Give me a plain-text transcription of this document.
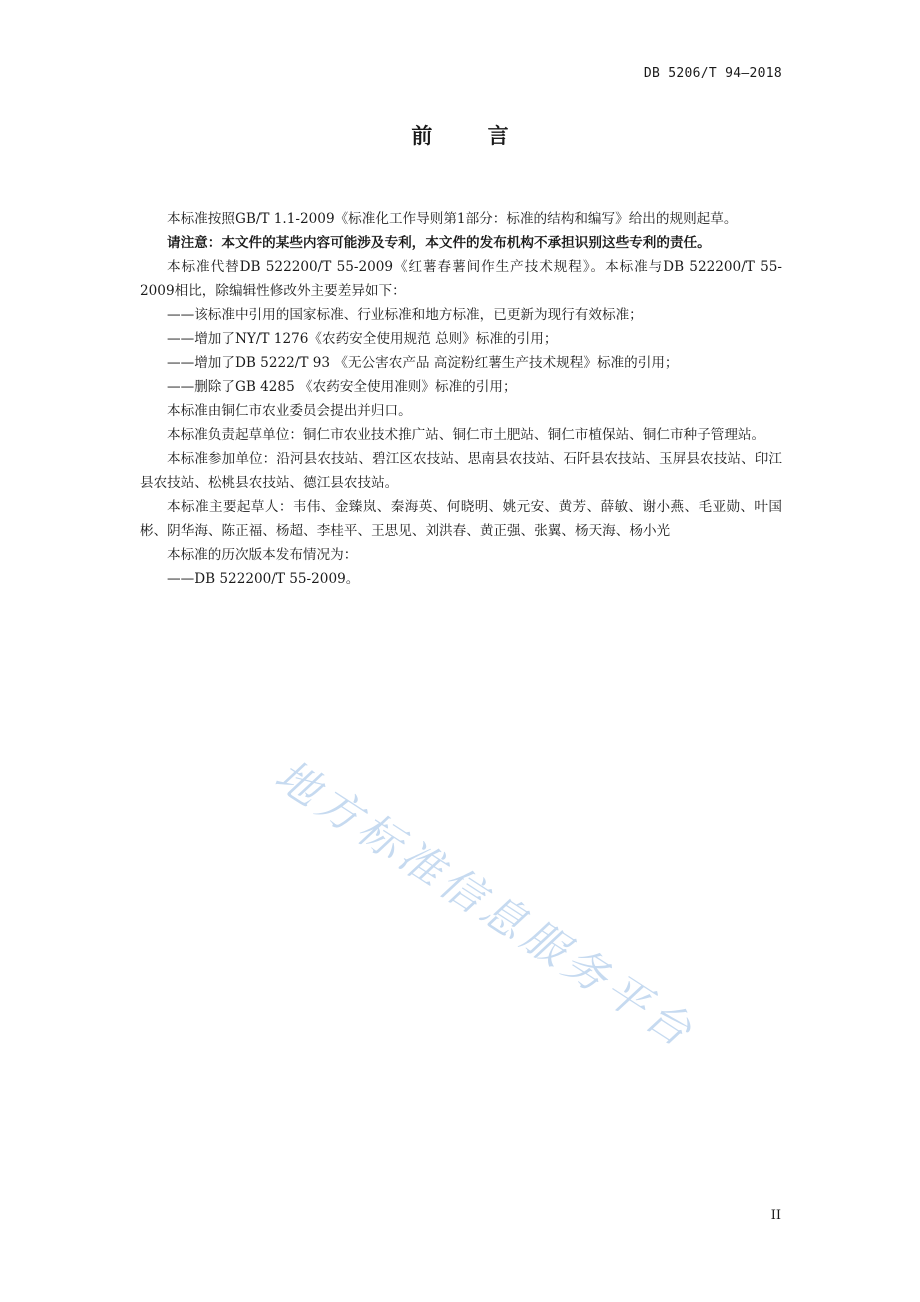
DB 5206/T 94—2018
前 言

本标准按照GB/T 1.1-2009《标准化工作导则第1部分：标准的结构和编写》给出的规则起草。

请注意：本文件的某些内容可能涉及专利，本文件的发布机构不承担识别这些专利的责任。

本标准代替DB 522200/T 55-2009《红薯春薯间作生产技术规程》。本标准与DB 522200/T 55-2009相比，除编辑性修改外主要差异如下：

——该标准中引用的国家标准、行业标准和地方标准，已更新为现行有效标准；

——增加了NY/T 1276《农药安全使用规范 总则》标准的引用；

——增加了DB 5222/T 93 《无公害农产品 高淀粉红薯生产技术规程》标准的引用；

——删除了GB 4285 《农药安全使用准则》标准的引用；

本标准由铜仁市农业委员会提出并归口。

本标准负责起草单位：铜仁市农业技术推广站、铜仁市土肥站、铜仁市植保站、铜仁市种子管理站。

本标准参加单位：沿河县农技站、碧江区农技站、思南县农技站、石阡县农技站、玉屏县农技站、印江县农技站、松桃县农技站、德江县农技站。

本标准主要起草人：韦伟、金臻岚、秦海英、何晓明、姚元安、黄芳、薛敏、谢小燕、毛亚勋、叶国彬、阴华海、陈正福、杨超、李桂平、王思见、刘洪春、黄正强、张翼、杨天海、杨小光

本标准的历次版本发布情况为：

——DB 522200/T 55-2009。

地方标准信息服务平台
II
